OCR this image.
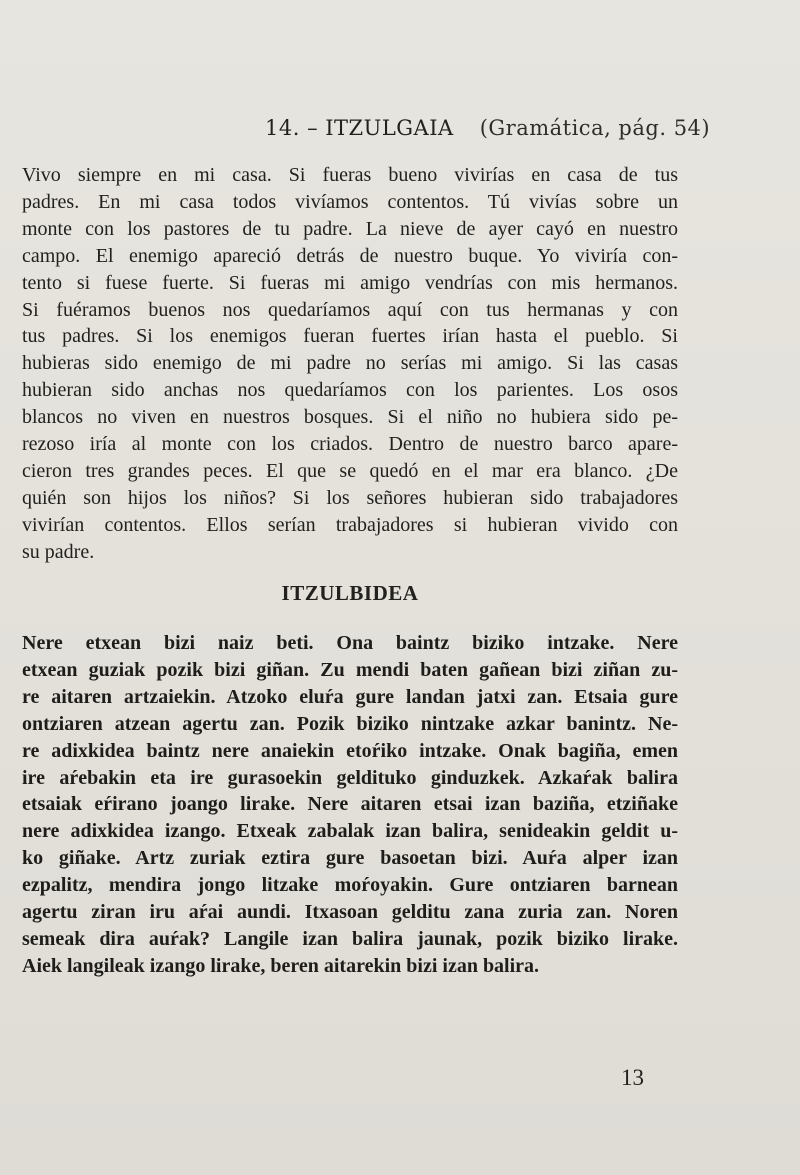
14. – ITZULGAIA (Gramática, pág. 54)

Vivo siempre en mi casa. Si fueras bueno vivirías en casa de tus
padres. En mi casa todos vivíamos contentos. Tú vivías sobre un
monte con los pastores de tu padre. La nieve de ayer cayó en nuestro
campo. El enemigo apareció detrás de nuestro buque. Yo viviría con-
tento si fuese fuerte. Si fueras mi amigo vendrías con mis hermanos.
Si fuéramos buenos nos quedaríamos aquí con tus hermanas y con
tus padres. Si los enemigos fueran fuertes irían hasta el pueblo. Si
hubieras sido enemigo de mi padre no serías mi amigo. Si las casas
hubieran sido anchas nos quedaríamos con los parientes. Los osos
blancos no viven en nuestros bosques. Si el niño no hubiera sido pe-
rezoso iría al monte con los criados. Dentro de nuestro barco apare-
cieron tres grandes peces. El que se quedó en el mar era blanco. ¿De
quién son hijos los niños? Si los señores hubieran sido trabajadores
vivirían contentos. Ellos serían trabajadores si hubieran vivido con
su padre.

ITZULBIDEA

Nere etxean bizi naiz beti. Ona baintz biziko intzake. Nere
etxean guziak pozik bizi giñan. Zu mendi baten gañean bizi ziñan zu-
re aitaren artzaiekin. Atzoko eluŕa gure landan jatxi zan. Etsaia gure
ontziaren atzean agertu zan. Pozik biziko nintzake azkar banintz. Ne-
re adixkidea baintz nere anaiekin etoŕiko intzake. Onak bagiña, emen
ire aŕebakin eta ire gurasoekin geldituko ginduzkek. Azkaŕak balira
etsaiak eŕirano joango lirake. Nere aitaren etsai izan baziña, etziñake
nere adixkidea izango. Etxeak zabalak izan balira, senideakin geldit u-
ko giñake. Artz zuriak eztira gure basoetan bizi. Auŕa alper izan
ezpalitz, mendira jongo litzake moŕoyakin. Gure ontziaren barnean
agertu ziran iru aŕai aundi. Itxasoan gelditu zana zuria zan. Noren
semeak dira auŕak? Langile izan balira jaunak, pozik biziko lirake.
Aiek langileak izango lirake, beren aitarekin bizi izan balira.

13
